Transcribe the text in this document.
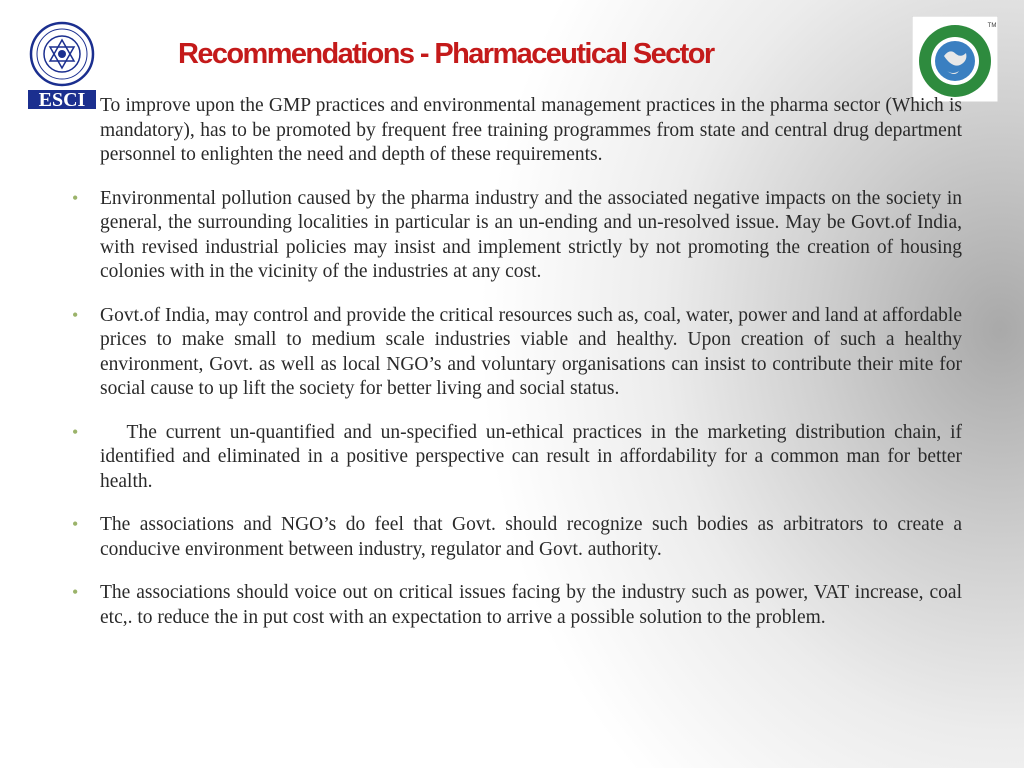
ESCI
Recommendations - Pharmaceutical Sector
TM
To improve upon the GMP practices and environmental management practices in the pharma sector (Which is mandatory), has to be promoted by frequent free training programmes from state and central drug department personnel to enlighten the need and depth of these requirements.
• Environmental pollution caused by the pharma industry and the associated negative impacts on the society in general, the surrounding localities in particular is an un-ending and un-resolved issue. May be Govt.of India, with revised industrial policies may insist and implement strictly by not promoting the creation of housing colonies with in the vicinity of the industries at any cost.
• Govt.of India, may control and provide the critical resources such as, coal, water, power and land at affordable prices to make small to medium scale industries viable and healthy. Upon creation of such a healthy environment, Govt. as well as local NGO’s and voluntary organisations can insist to contribute their mite for social cause to up lift the society for better living and social status.
• The current un-quantified and un-specified un-ethical practices in the marketing distribution chain, if identified and eliminated in a positive perspective can result in affordability for a common man for better health.
• The associations and NGO’s do feel that Govt. should recognize such bodies as arbitrators to create a conducive environment between industry, regulator and Govt. authority.
• The associations should voice out on critical issues facing by the industry such as power, VAT increase, coal etc,. to reduce the in put cost with an expectation to arrive a possible solution to the problem.
